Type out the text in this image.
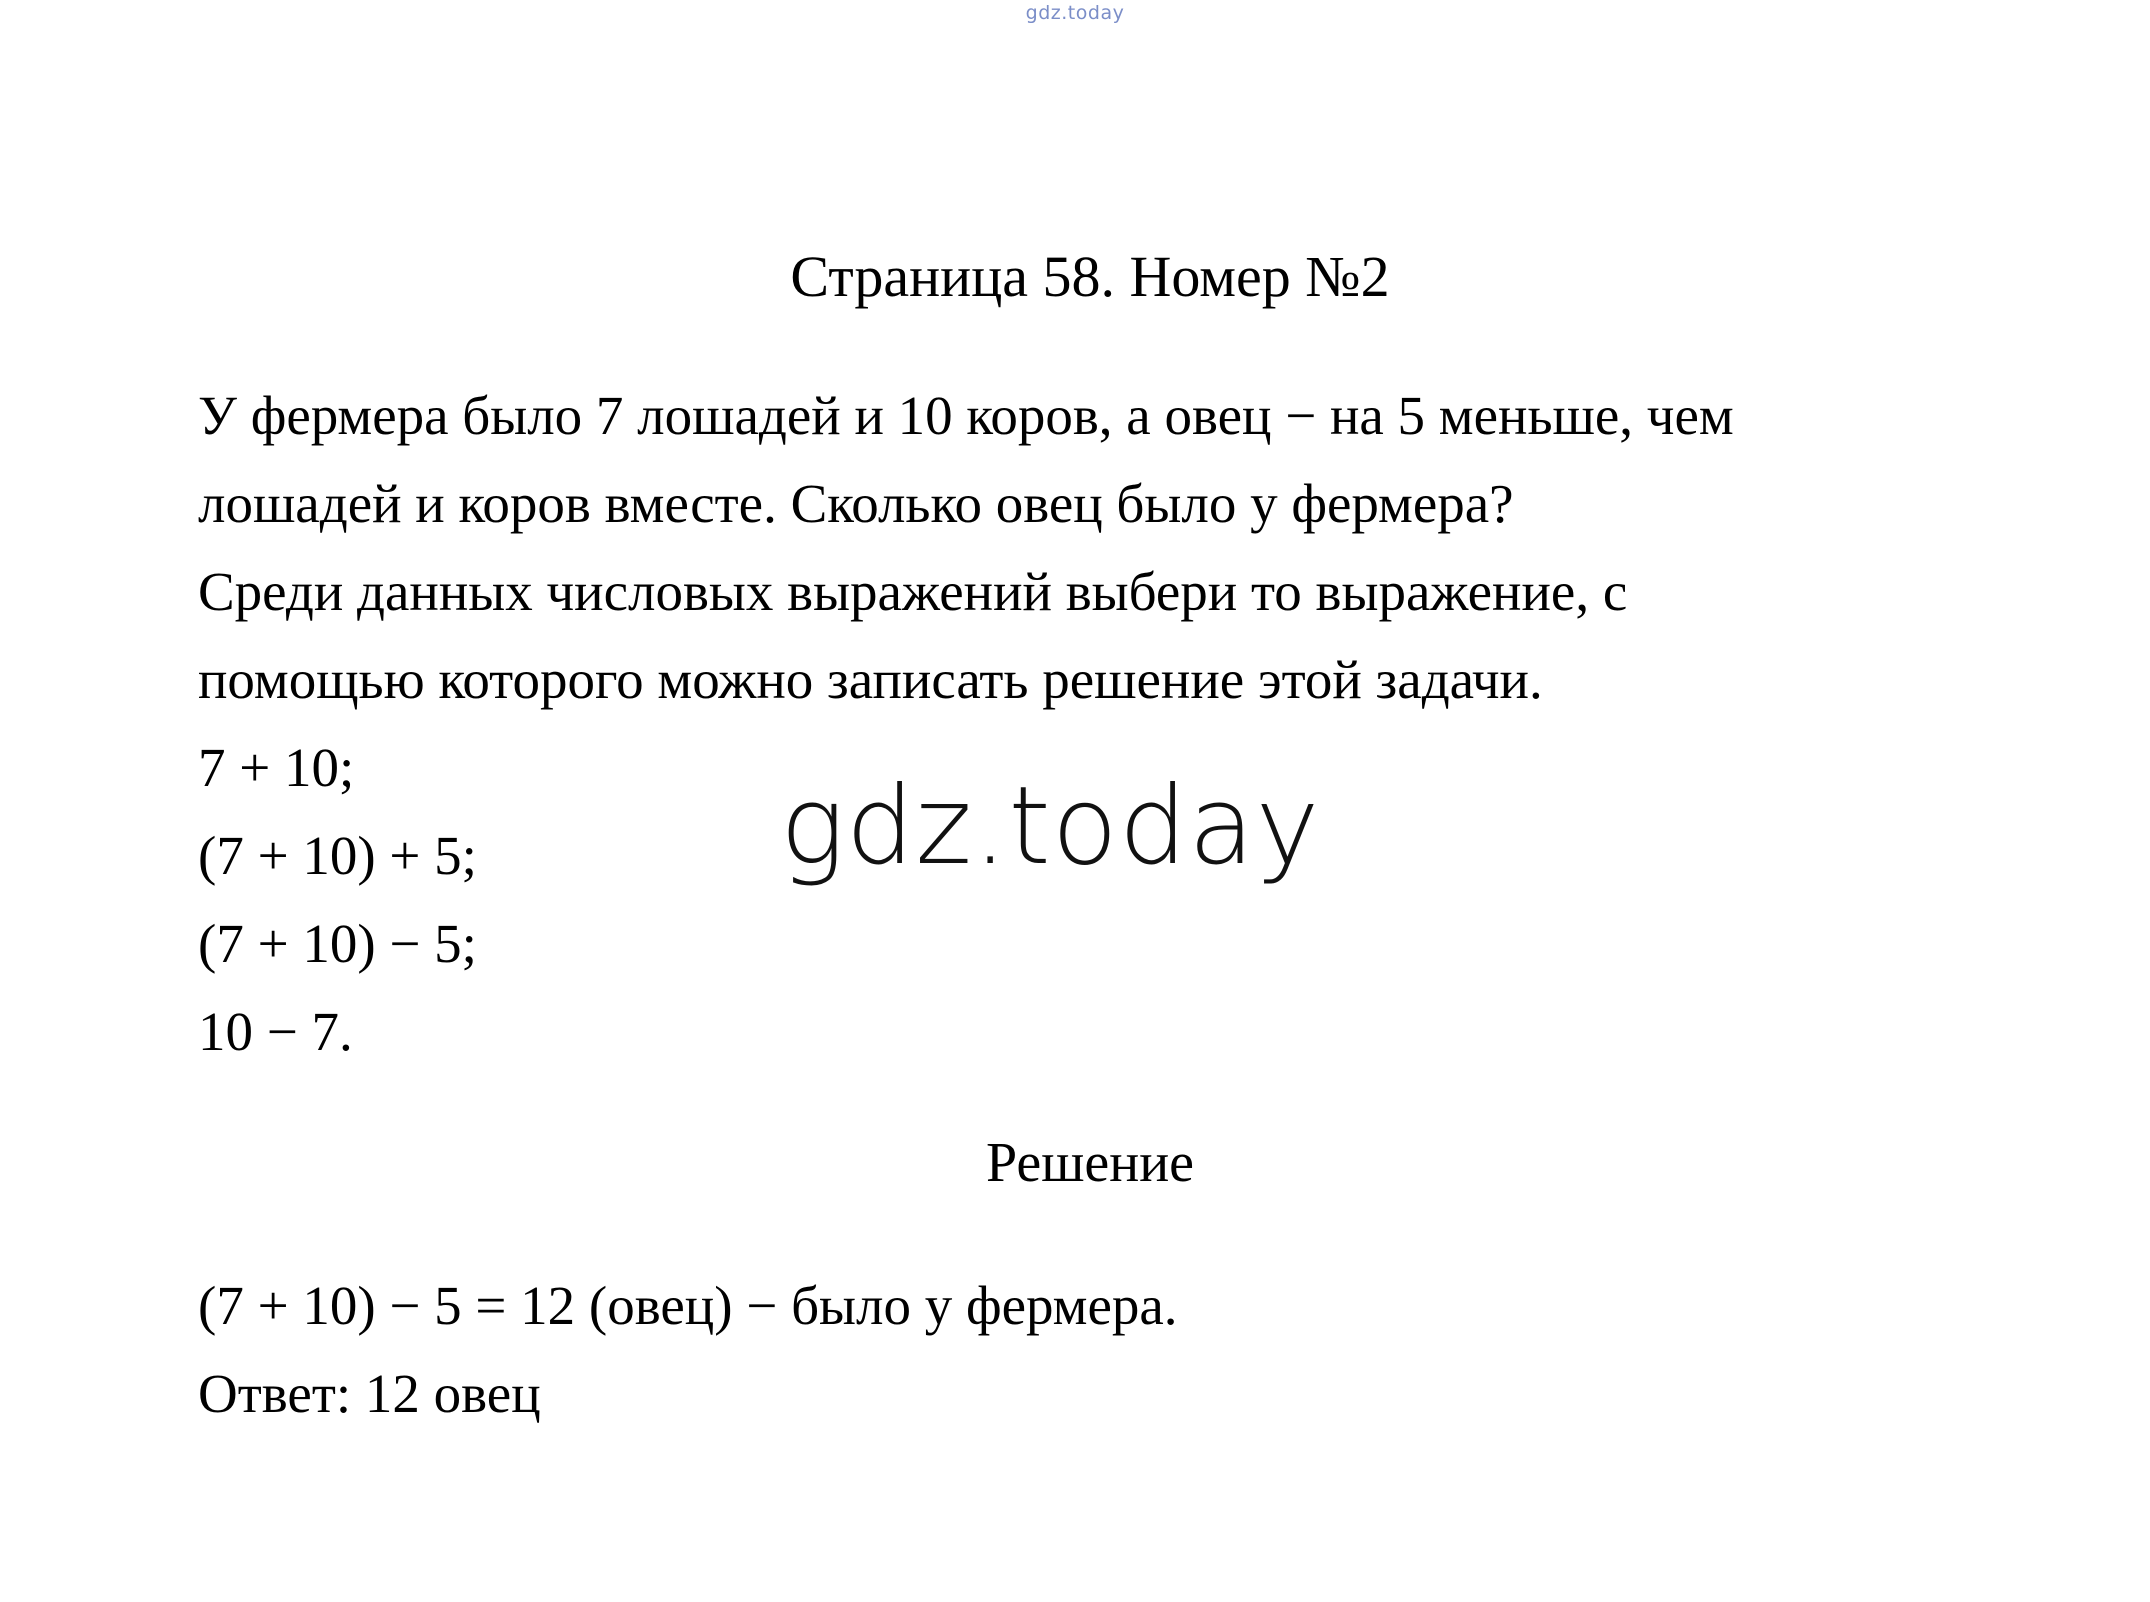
gdz.today
Страница 58. Номер №2
У фермера было 7 лошадей и 10 коров, а овец − на 5 меньше, чем
лошадей и коров вместе. Сколько овец было у фермера?
Среди данных числовых выражений выбери то выражение, с
помощью которого можно записать решение этой задачи.
7 + 10;
(7 + 10) + 5;
(7 + 10) − 5;
10 − 7.
gdz.today
Решение
(7 + 10) − 5 = 12 (овец) − было у фермера.
Ответ: 12 овец
